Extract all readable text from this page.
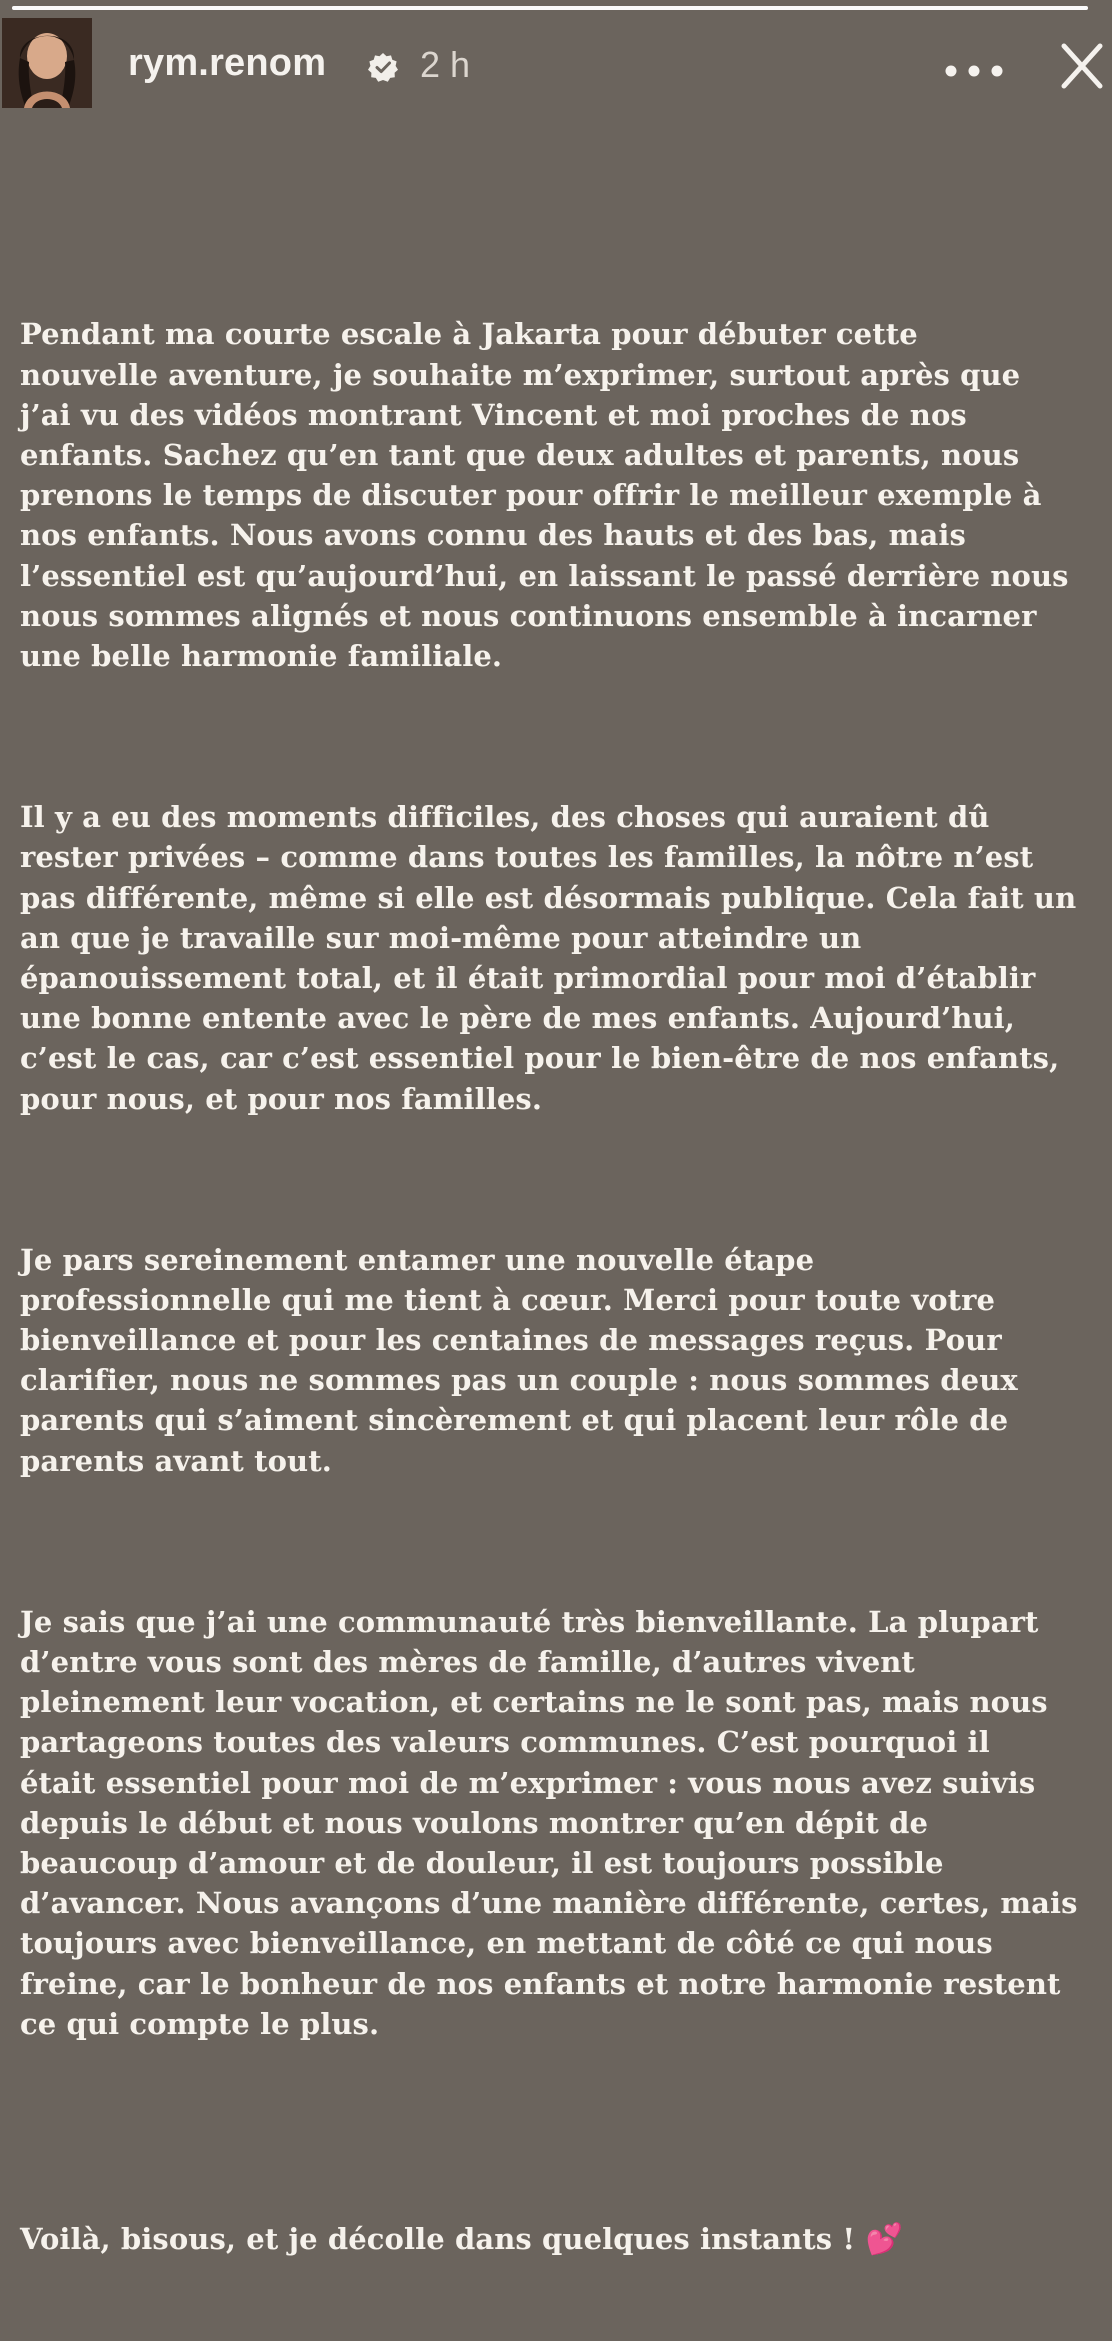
rym.renom	2 h

Pendant ma courte escale à Jakarta pour débuter cette
nouvelle aventure, je souhaite m’exprimer, surtout après que
j’ai vu des vidéos montrant Vincent et moi proches de nos
enfants. Sachez qu’en tant que deux adultes et parents, nous
prenons le temps de discuter pour offrir le meilleur exemple à
nos enfants. Nous avons connu des hauts et des bas, mais
l’essentiel est qu’aujourd’hui, en laissant le passé derrière nous
nous sommes alignés et nous continuons ensemble à incarner
une belle harmonie familiale.

Il y a eu des moments difficiles, des choses qui auraient dû
rester privées – comme dans toutes les familles, la nôtre n’est
pas différente, même si elle est désormais publique. Cela fait un
an que je travaille sur moi-même pour atteindre un
épanouissement total, et il était primordial pour moi d’établir
une bonne entente avec le père de mes enfants. Aujourd’hui,
c’est le cas, car c’est essentiel pour le bien-être de nos enfants,
pour nous, et pour nos familles.

Je pars sereinement entamer une nouvelle étape
professionnelle qui me tient à cœur. Merci pour toute votre
bienveillance et pour les centaines de messages reçus. Pour
clarifier, nous ne sommes pas un couple : nous sommes deux
parents qui s’aiment sincèrement et qui placent leur rôle de
parents avant tout.

Je sais que j’ai une communauté très bienveillante. La plupart
d’entre vous sont des mères de famille, d’autres vivent
pleinement leur vocation, et certains ne le sont pas, mais nous
partageons toutes des valeurs communes. C’est pourquoi il
était essentiel pour moi de m’exprimer : vous nous avez suivis
depuis le début et nous voulons montrer qu’en dépit de
beaucoup d’amour et de douleur, il est toujours possible
d’avancer. Nous avançons d’une manière différente, certes, mais
toujours avec bienveillance, en mettant de côté ce qui nous
freine, car le bonheur de nos enfants et notre harmonie restent
ce qui compte le plus.

Voilà, bisous, et je décolle dans quelques instants ! 💕
